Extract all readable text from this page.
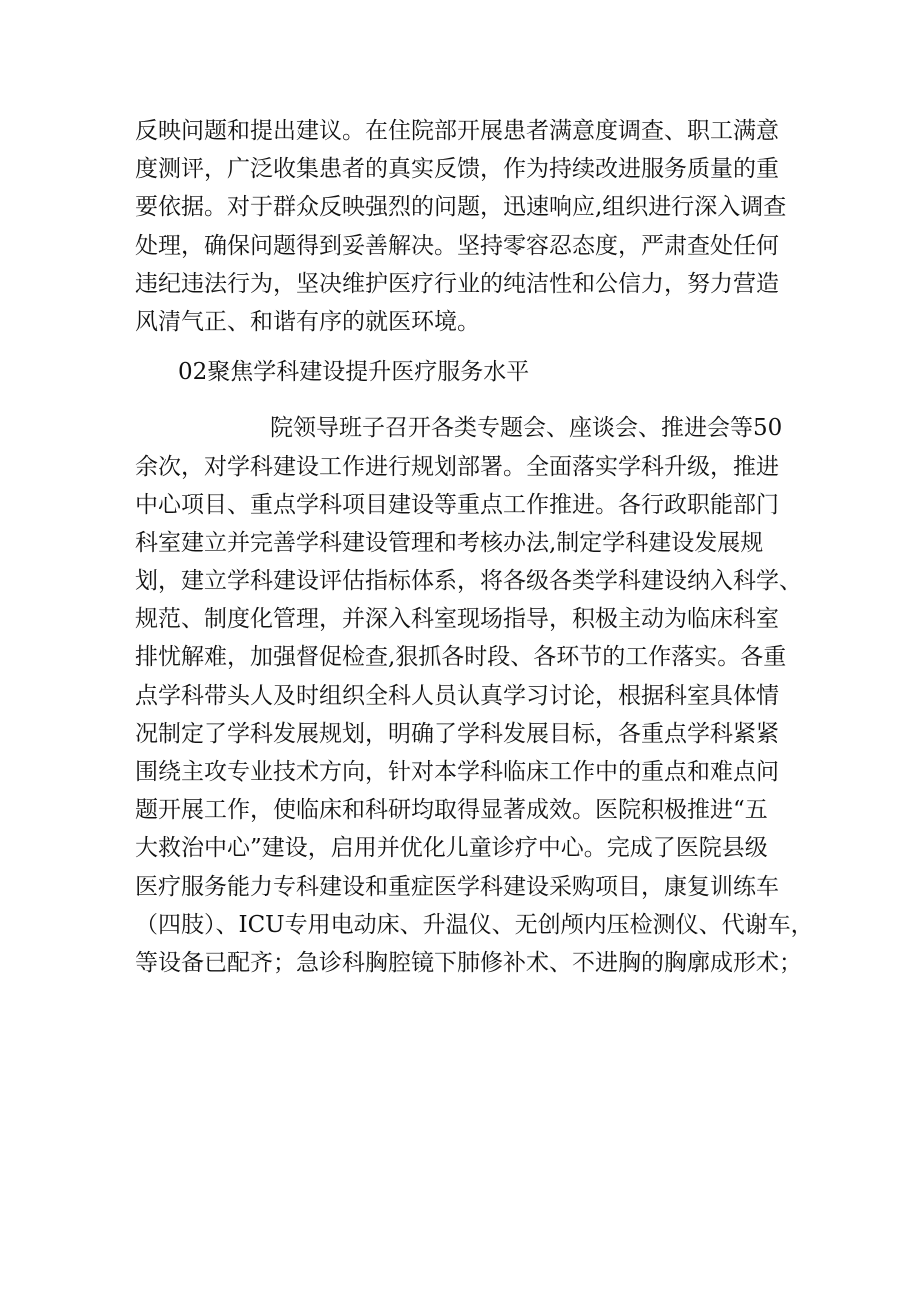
反映问题和提出建议。在住院部开展患者满意度调查、职工满意
度测评，广泛收集患者的真实反馈，作为持续改进服务质量的重
要依据。对于群众反映强烈的问题，迅速响应,组织进行深入调查
处理，确保问题得到妥善解决。坚持零容忍态度，严肃查处任何
违纪违法行为，坚决维护医疗行业的纯洁性和公信力，努力营造
风清气正、和谐有序的就医环境。
02聚焦学科建设提升医疗服务水平
院领导班子召开各类专题会、座谈会、推进会等50
余次，对学科建设工作进行规划部署。全面落实学科升级，推进
中心项目、重点学科项目建设等重点工作推进。各行政职能部门
科室建立并完善学科建设管理和考核办法,制定学科建设发展规
划，建立学科建设评估指标体系，将各级各类学科建设纳入科学、
规范、制度化管理，并深入科室现场指导，积极主动为临床科室
排忧解难，加强督促检查,狠抓各时段、各环节的工作落实。各重
点学科带头人及时组织全科人员认真学习讨论，根据科室具体情
况制定了学科发展规划，明确了学科发展目标，各重点学科紧紧
围绕主攻专业技术方向，针对本学科临床工作中的重点和难点问
题开展工作，使临床和科研均取得显著成效。医院积极推进“五
大救治中心”建设，启用并优化儿童诊疗中心。完成了医院县级
医疗服务能力专科建设和重症医学科建设采购项目，康复训练车
（四肢）、ICU专用电动床、升温仪、无创颅内压检测仪、代谢车，
等设备已配齐；急诊科胸腔镜下肺修补术、不进胸的胸廓成形术；
